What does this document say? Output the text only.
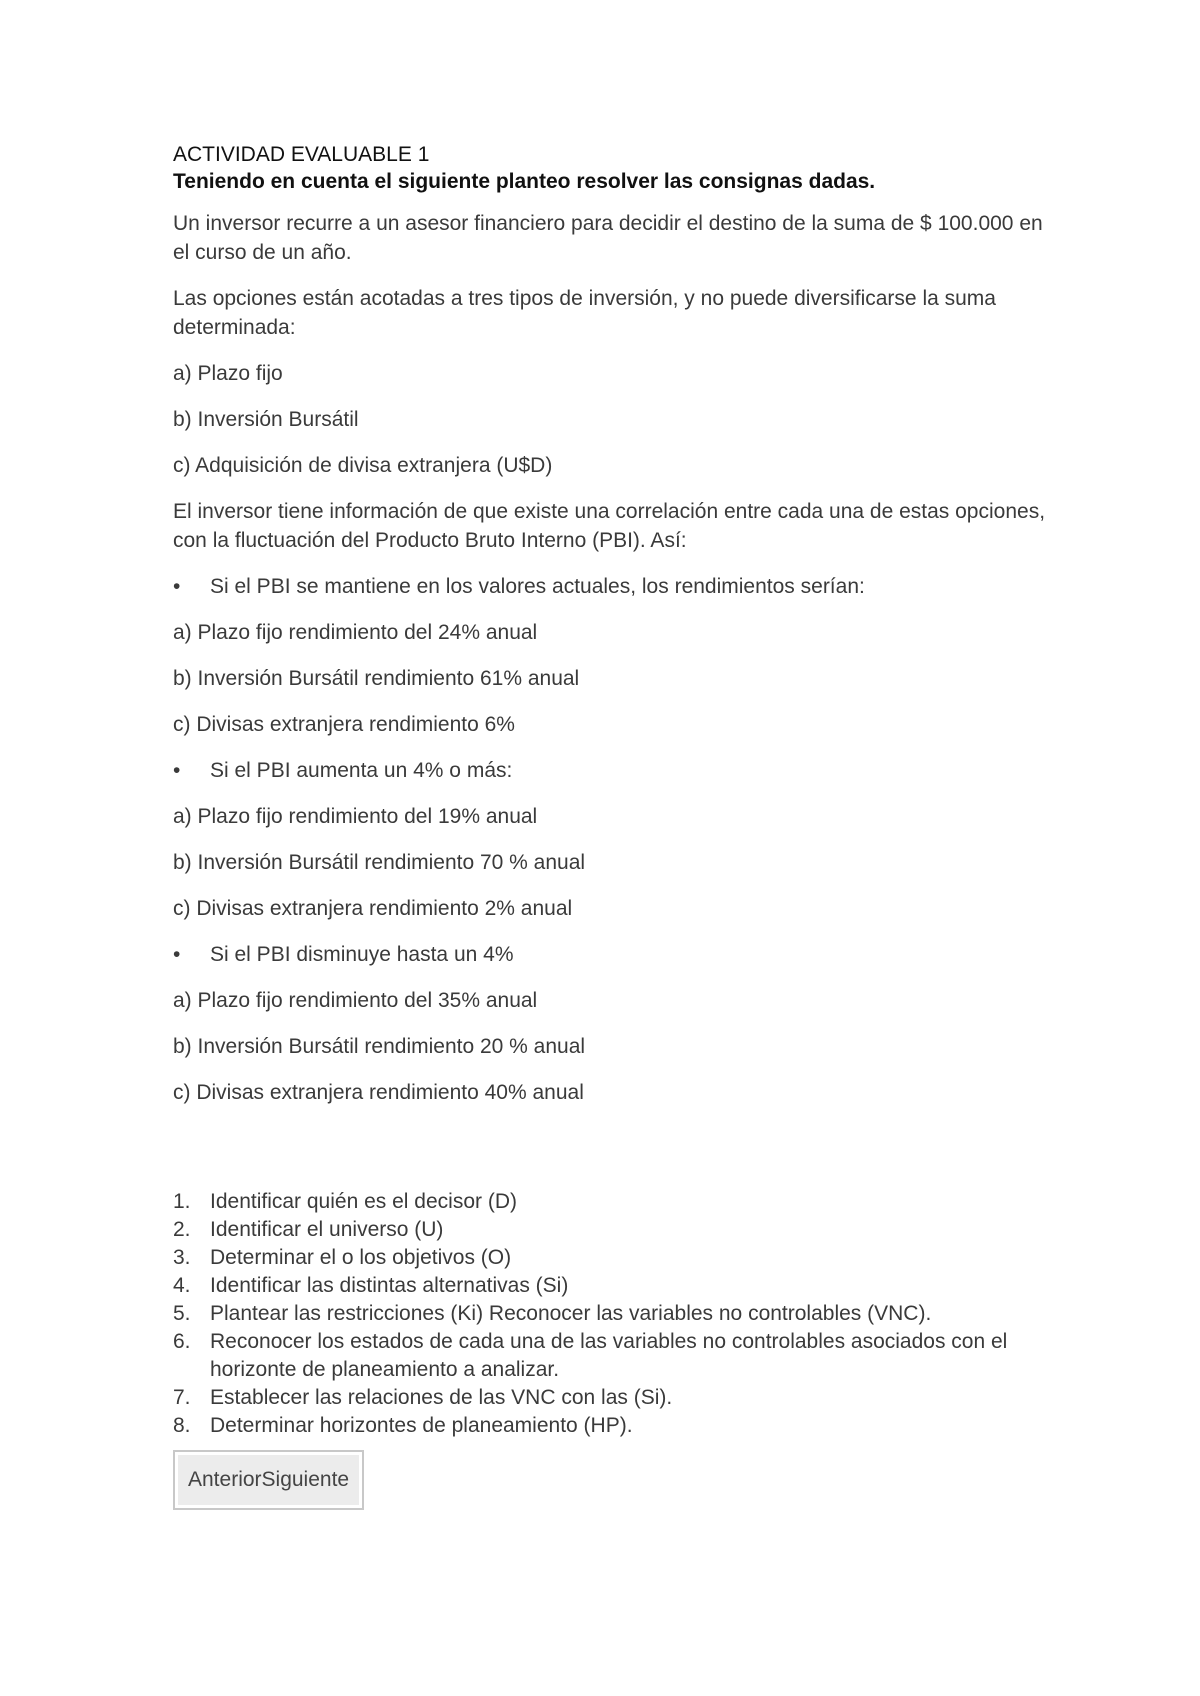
ACTIVIDAD EVALUABLE 1
Teniendo en cuenta el siguiente planteo resolver las consignas dadas.

Un inversor recurre a un asesor financiero para decidir el destino de la suma de $ 100.000 en el curso de un año.

Las opciones están acotadas a tres tipos de inversión, y no puede diversificarse la suma determinada:

a) Plazo fijo

b) Inversión Bursátil

c) Adquisición de divisa extranjera (U$D)

El inversor tiene información de que existe una correlación entre cada una de estas opciones, con la fluctuación del Producto Bruto Interno (PBI). Así:

•	Si el PBI se mantiene en los valores actuales, los rendimientos serían:

a) Plazo fijo rendimiento del 24% anual

b) Inversión Bursátil rendimiento 61% anual

c) Divisas extranjera rendimiento 6%

•	Si el PBI aumenta un 4% o más:

a) Plazo fijo rendimiento del 19% anual

b) Inversión Bursátil rendimiento 70 % anual

c) Divisas extranjera rendimiento 2% anual

•	Si el PBI disminuye hasta un 4%

a) Plazo fijo rendimiento del 35% anual

b) Inversión Bursátil rendimiento 20 % anual

c) Divisas extranjera rendimiento 40% anual

1. Identificar quién es el decisor (D)
2. Identificar el universo (U)
3. Determinar el o los objetivos (O)
4. Identificar las distintas alternativas (Si)
5. Plantear las restricciones (Ki) Reconocer las variables no controlables (VNC).
6. Reconocer los estados de cada una de las variables no controlables asociados con el horizonte de planeamiento a analizar.
7. Establecer las relaciones de las VNC con las (Si).
8. Determinar horizontes de planeamiento (HP).
AnteriorSiguiente
